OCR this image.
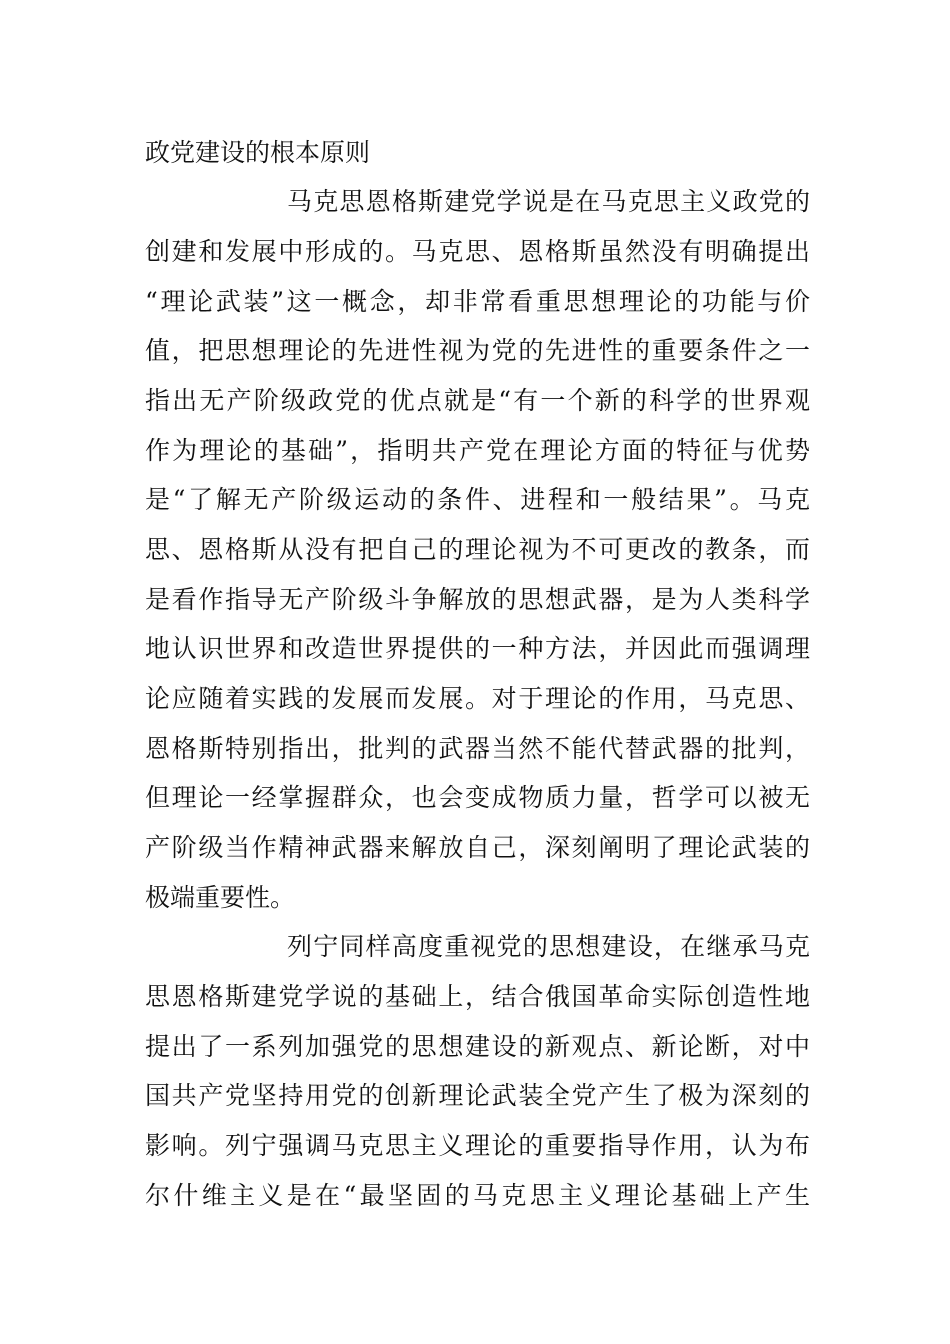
政党建设的根本原则
马克思恩格斯建党学说是在马克思主义政党的
创建和发展中形成的。马克思、恩格斯虽然没有明确提出
“理论武装”这一概念，却非常看重思想理论的功能与价
值，把思想理论的先进性视为党的先进性的重要条件之一
指出无产阶级政党的优点就是“有一个新的科学的世界观
作为理论的基础”，指明共产党在理论方面的特征与优势
是“了解无产阶级运动的条件、进程和一般结果”。马克
思、恩格斯从没有把自己的理论视为不可更改的教条，而
是看作指导无产阶级斗争解放的思想武器，是为人类科学
地认识世界和改造世界提供的一种方法，并因此而强调理
论应随着实践的发展而发展。对于理论的作用，马克思、
恩格斯特别指出，批判的武器当然不能代替武器的批判，
但理论一经掌握群众，也会变成物质力量，哲学可以被无
产阶级当作精神武器来解放自己，深刻阐明了理论武装的
极端重要性。
列宁同样高度重视党的思想建设，在继承马克
思恩格斯建党学说的基础上，结合俄国革命实际创造性地
提出了一系列加强党的思想建设的新观点、新论断，对中
国共产党坚持用党的创新理论武装全党产生了极为深刻的
影响。列宁强调马克思主义理论的重要指导作用，认为布
尔什维主义是在“最坚固的马克思主义理论基础上产生
